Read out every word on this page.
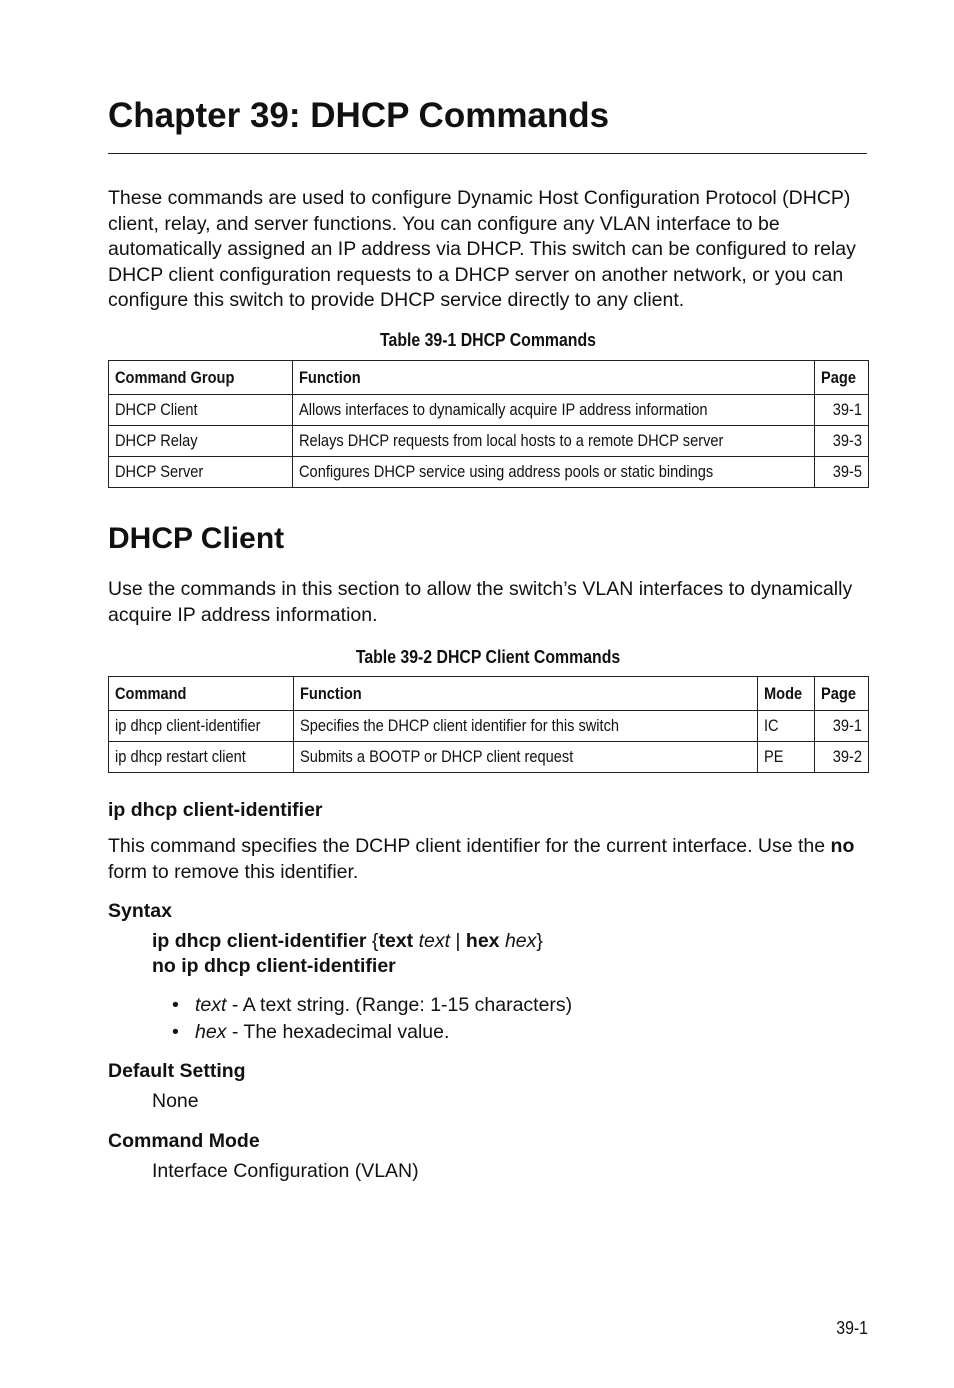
Chapter 39: DHCP Commands

These commands are used to configure Dynamic Host Configuration Protocol (DHCP) client, relay, and server functions. You can configure any VLAN interface to be automatically assigned an IP address via DHCP. This switch can be configured to relay DHCP client configuration requests to a DHCP server on another network, or you can configure this switch to provide DHCP service directly to any client.

Table 39-1 DHCP Commands
Command Group	Function	Page
DHCP Client	Allows interfaces to dynamically acquire IP address information	39-1
DHCP Relay	Relays DHCP requests from local hosts to a remote DHCP server	39-3
DHCP Server	Configures DHCP service using address pools or static bindings	39-5
DHCP Client

Use the commands in this section to allow the switch’s VLAN interfaces to dynamically acquire IP address information.

Table 39-2 DHCP Client Commands
Command	Function	Mode	Page
ip dhcp client-identifier	Specifies the DHCP client identifier for this switch	IC	39-1
ip dhcp restart client	Submits a BOOTP or DHCP client request	PE	39-2
ip dhcp client-identifier

This command specifies the DCHP client identifier for the current interface. Use the no form to remove this identifier.

Syntax
ip dhcp client-identifier {text text | hex hex}
no ip dhcp client-identifier
• text - A text string. (Range: 1-15 characters)
• hex - The hexadecimal value.
Default Setting
None
Command Mode
Interface Configuration (VLAN)
39-1
